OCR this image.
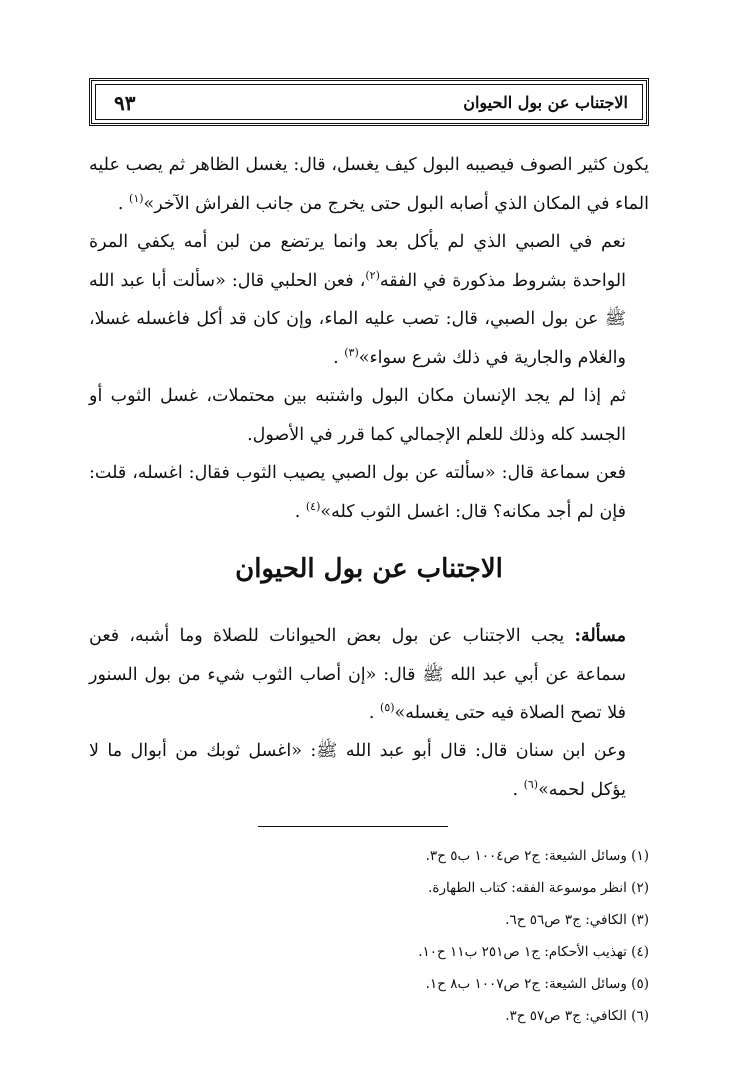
الاجتناب عن بول الحيوان
٩٣
يكون كثير الصوف فيصيبه البول كيف يغسل، قال: يغسل الظاهر ثم يصب عليه الماء في المكان الذي أصابه البول حتى يخرج من جانب الفراش الآخر»$^{(١)}$ .
نعم في الصبي الذي لم يأكل بعد وانما يرتضع من لبن أمه يكفي المرة الواحدة بشروط مذكورة في الفقه$^{(٢)}$، فعن الحلبي قال: «سألت أبا عبد الله ﷺ عن بول الصبي، قال: تصب عليه الماء، وإن كان قد أكل فاغسله غسلا، والغلام والجارية في ذلك شرع سواء»$^{(٣)}$ .
ثم إذا لم يجد الإنسان مكان البول واشتبه بين محتملات، غسل الثوب أو الجسد كله وذلك للعلم الإجمالي كما قرر في الأصول.
فعن سماعة قال: «سألته عن بول الصبي يصيب الثوب فقال: اغسله، قلت: فإن لم أجد مكانه؟ قال: اغسل الثوب كله»$^{(٤)}$ .
الاجتناب عن بول الحيوان
مسألة: يجب الاجتناب عن بول بعض الحيوانات للصلاة وما أشبه، فعن سماعة عن أبي عبد الله ﷺ قال: «إن أصاب الثوب شيء من بول السنور فلا تصح الصلاة فيه حتى يغسله»$^{(٥)}$ .
وعن ابن سنان قال: قال أبو عبد الله ﷺ: «اغسل ثوبك من أبوال ما لا يؤكل لحمه»$^{(٦)}$ .
(١) وسائل الشيعة: ج٢ ص١٠٠٤ ب٥ ح٣.
(٢) انظر موسوعة الفقه: كتاب الطهارة.
(٣) الكافي: ج٣ ص٥٦ ح٦.
(٤) تهذيب الأحكام: ج١ ص٢٥١ ب١١ ح١٠.
(٥) وسائل الشيعة: ج٢ ص١٠٠٧ ب٨ ح١.
(٦) الكافي: ج٣ ص٥٧ ح٣.
